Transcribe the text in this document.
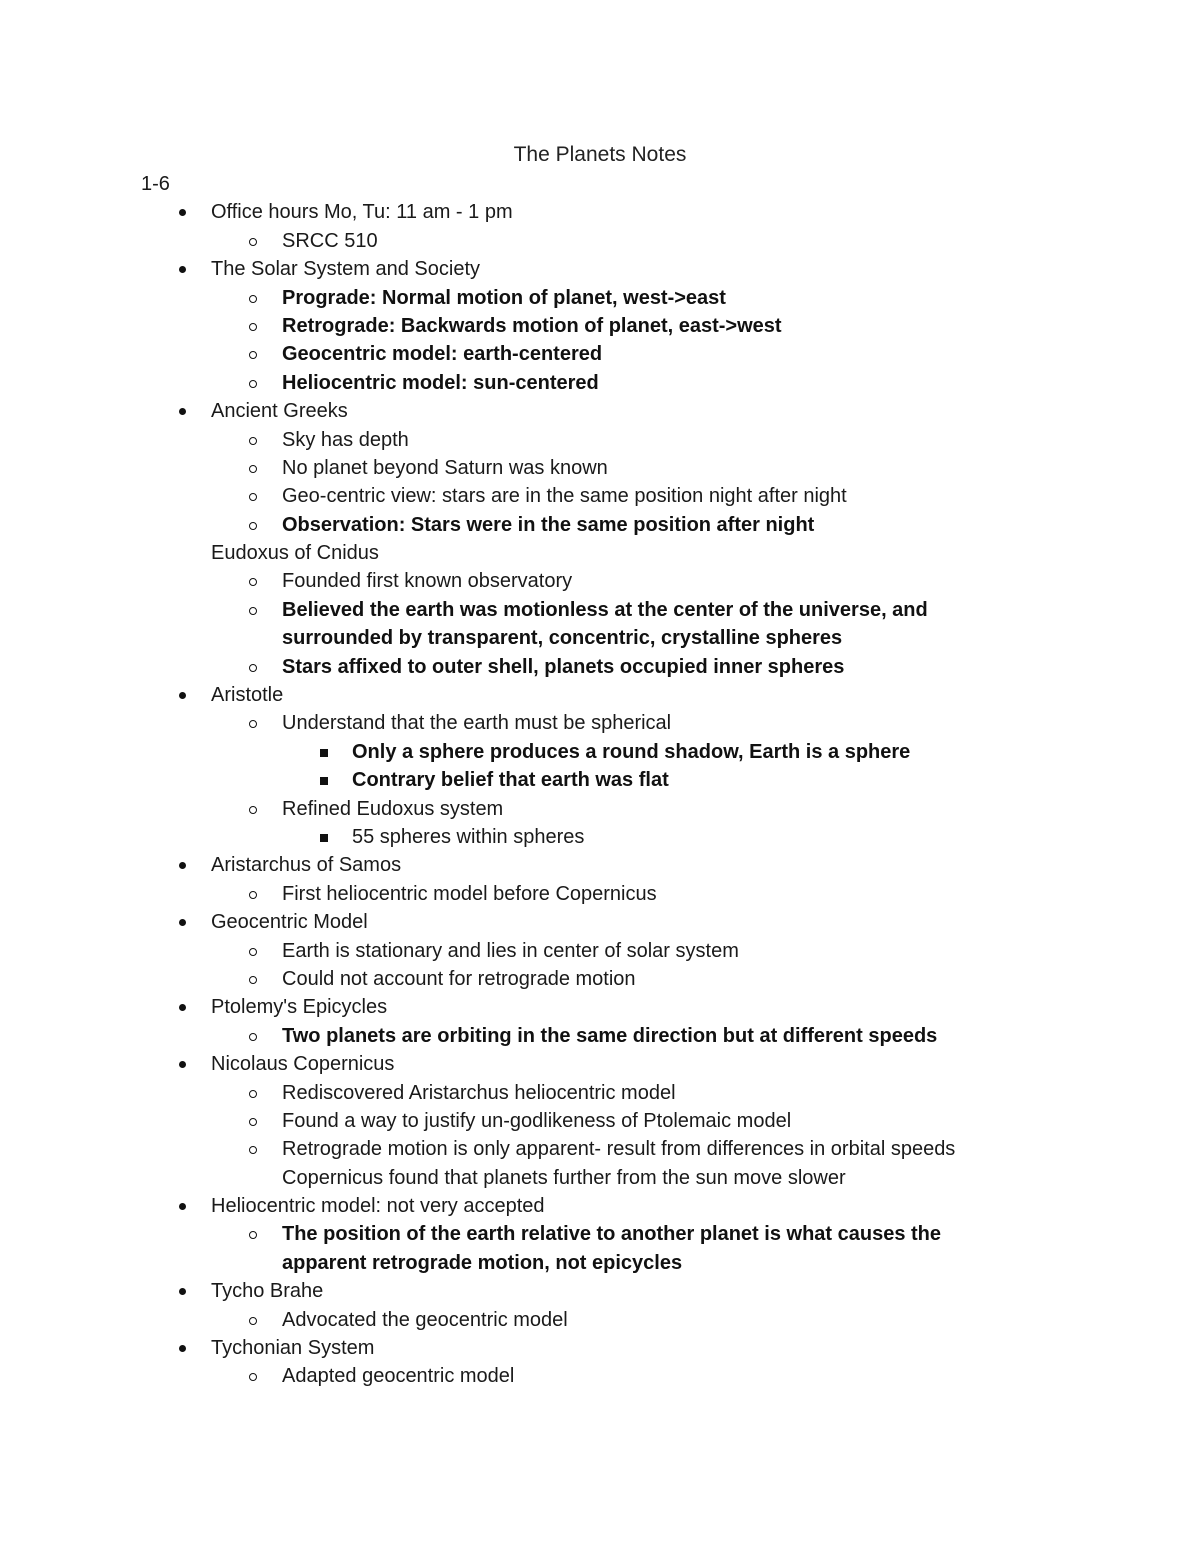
The Planets Notes
1-6
Office hours Mo, Tu: 11 am - 1 pm
SRCC 510
The Solar System and Society
Prograde: Normal motion of planet, west->east
Retrograde: Backwards motion of planet, east->west
Geocentric model: earth-centered
Heliocentric model: sun-centered
Ancient Greeks
Sky has depth
No planet beyond Saturn was known
Geo-centric view: stars are in the same position night after night
Observation: Stars were in the same position after night
Eudoxus of Cnidus
Founded first known observatory
Believed the earth was motionless at the center of the universe, and
surrounded by transparent, concentric, crystalline spheres
Stars affixed to outer shell, planets occupied inner spheres
Aristotle
Understand that the earth must be spherical
Only a sphere produces a round shadow, Earth is a sphere
Contrary belief that earth was flat
Refined Eudoxus system
55 spheres within spheres
Aristarchus of Samos
First heliocentric model before Copernicus
Geocentric Model
Earth is stationary and lies in center of solar system
Could not account for retrograde motion
Ptolemy's Epicycles
Two planets are orbiting in the same direction but at different speeds
Nicolaus Copernicus
Rediscovered Aristarchus heliocentric model
Found a way to justify un-godlikeness of Ptolemaic model
Retrograde motion is only apparent- result from differences in orbital speeds
Copernicus found that planets further from the sun move slower
Heliocentric model: not very accepted
The position of the earth relative to another planet is what causes the
apparent retrograde motion, not epicycles
Tycho Brahe
Advocated the geocentric model
Tychonian System
Adapted geocentric model
